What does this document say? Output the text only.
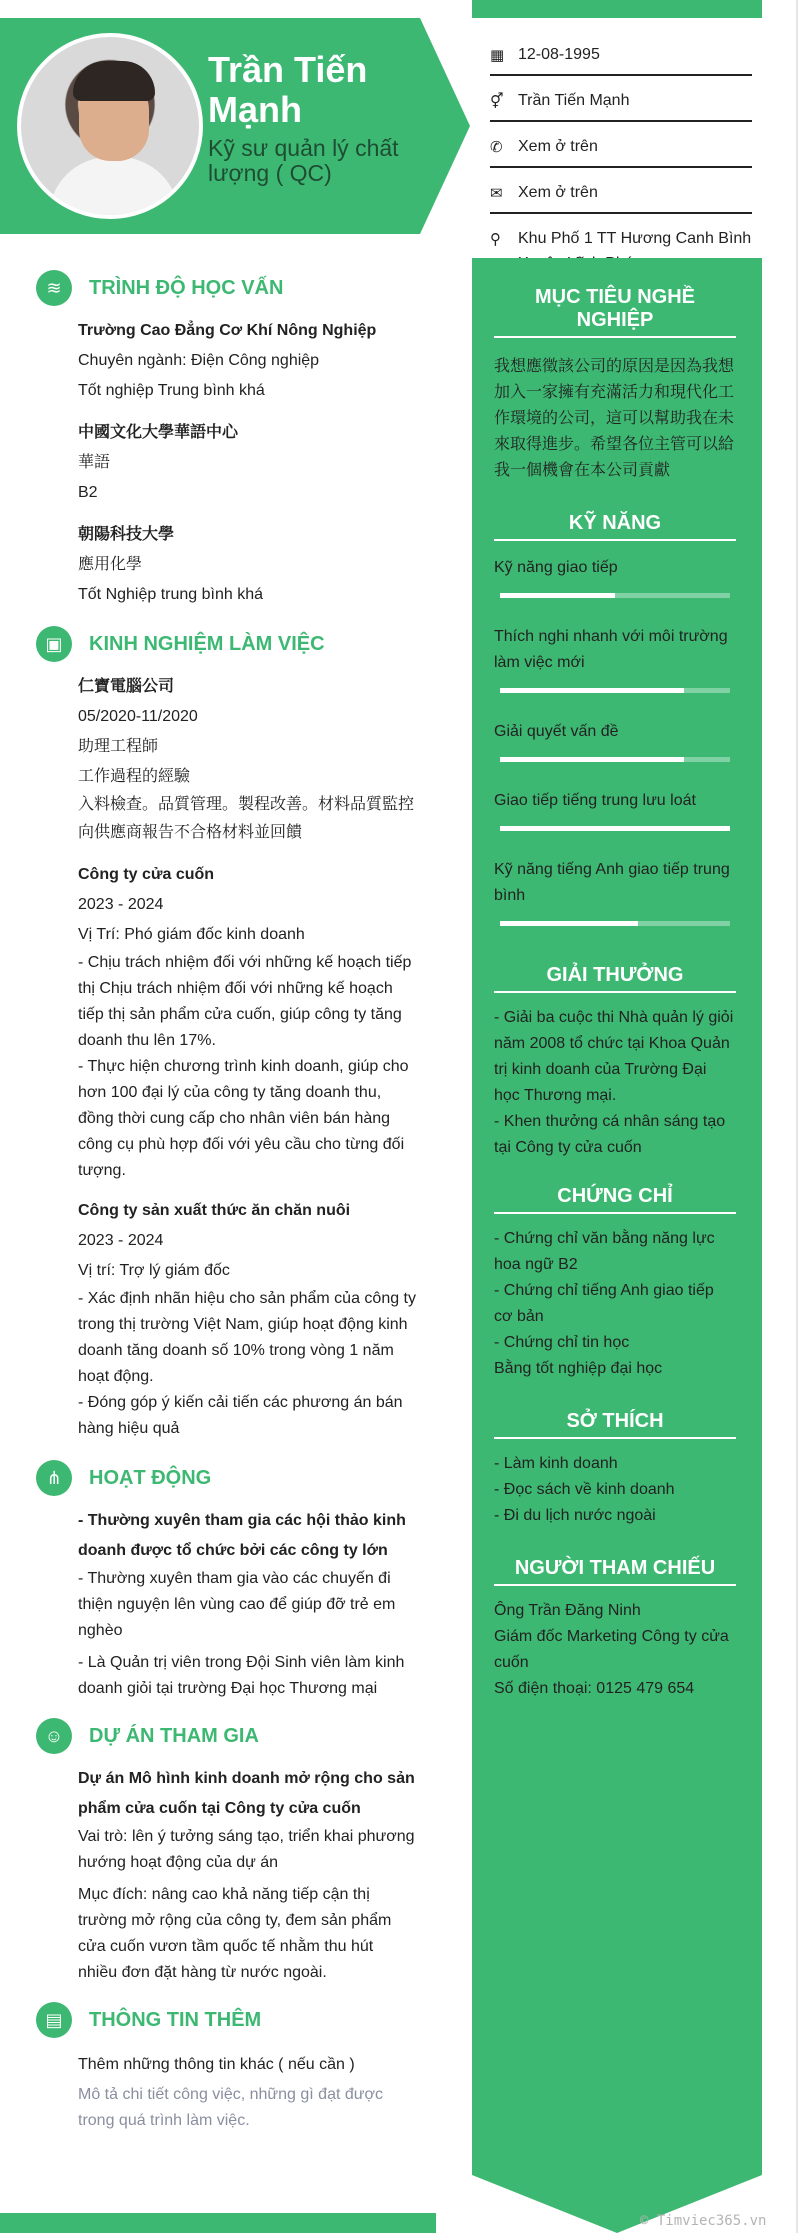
Trần Tiến Mạnh
Kỹ sư quản lý chất lượng ( QC)
▦ 12-08-1995
⚥ Trần Tiến Mạnh
✆ Xem ở trên
✉ Xem ở trên
⚲	Khu Phố 1 TT Hương Canh Bình
MỤC TIÊU NGHỀ NGHIỆP
我想應徵該公司的原因是因為我想加入一家擁有充滿活力和現代化工作環境的公司，這可以幫助我在未來取得進步。希望各位主管可以給我一個機會在本公司貢獻
KỸ NĂNG
Kỹ năng giao tiếp
Thích nghi nhanh với môi trường làm việc mới
Giải quyết vấn đề
Giao tiếp tiếng trung lưu loát
Kỹ năng tiếng Anh giao tiếp trung bình
GIẢI THƯỞNG
- Giải ba cuộc thi Nhà quản lý giỏi năm 2008 tổ chức tại Khoa Quản trị kinh doanh của Trường Đại học Thương mại.
- Khen thưởng cá nhân sáng tạo tại Công ty cửa cuốn
CHỨNG CHỈ
- Chứng chỉ văn bằng năng lực hoa ngữ B2
- Chứng chỉ tiếng Anh giao tiếp cơ bản
- Chứng chỉ tin học
Bằng tốt nghiệp đại học
SỞ THÍCH
- Làm kinh doanh
- Đọc sách về kinh doanh
- Đi du lịch nước ngoài
NGƯỜI THAM CHIẾU
Ông Trần Đăng Ninh
Giám đốc Marketing Công ty cửa cuốn
Số điện thoại: 0125 479 654
≋	TRÌNH ĐỘ HỌC VẤN
Trường Cao Đẳng Cơ Khí Nông Nghiệp
Chuyên ngành: Điện Công nghiệp
Tốt nghiệp Trung bình khá
中國文化大學華語中心
華語
B2
朝陽科技大學
應用化學
Tốt Nghiệp trung bình khá
▣	KINH NGHIỆM LÀM VIỆC
仁寶電腦公司
05/2020-11/2020
助理工程師
工作過程的經驗
入料檢查。品質管理。製程改善。材料品質監控
向供應商報告不合格材料並回饋
Công ty cửa cuốn
2023 - 2024
Vị Trí: Phó giám đốc kinh doanh
- Chịu trách nhiệm đối với những kế hoạch tiếp thị Chịu trách nhiệm đối với những kế hoạch tiếp thị sản phẩm cửa cuốn, giúp công ty tăng doanh thu lên 17%.
- Thực hiện chương trình kinh doanh, giúp cho hơn 100 đại lý của công ty tăng doanh thu, đồng thời cung cấp cho nhân viên bán hàng công cụ phù hợp đối với yêu cầu cho từng đối tượng.
Công ty sản xuất thức ăn chăn nuôi
2023 - 2024
Vị trí: Trợ lý giám đốc
- Xác định nhãn hiệu cho sản phẩm của công ty trong thị trường Việt Nam, giúp hoạt động kinh doanh tăng doanh số 10% trong vòng 1 năm hoạt động.
- Đóng góp ý kiến cải tiến các phương án bán hàng hiệu quả
⋔	HOẠT ĐỘNG
- Thường xuyên tham gia các hội thảo kinh doanh được tổ chức bởi các công ty lớn
- Thường xuyên tham gia vào các chuyến đi thiện nguyện lên vùng cao để giúp đỡ trẻ em nghèo
- Là Quản trị viên trong Đội Sinh viên làm kinh doanh giỏi tại trường Đại học Thương mại
☺	DỰ ÁN THAM GIA
Dự án Mô hình kinh doanh mở rộng cho sản phẩm cửa cuốn tại Công ty cửa cuốn
Vai trò: lên ý tưởng sáng tạo, triển khai phương hướng hoạt động của dự án
Mục đích: nâng cao khả năng tiếp cận thị trường mở rộng của công ty, đem sản phẩm cửa cuốn vươn tầm quốc tế nhằm thu hút nhiều đơn đặt hàng từ nước ngoài.
▤	THÔNG TIN THÊM
Thêm những thông tin khác ( nếu cần )
Mô tả chi tiết công việc, những gì đạt được trong quá trình làm việc.
© Timviec365.vn
